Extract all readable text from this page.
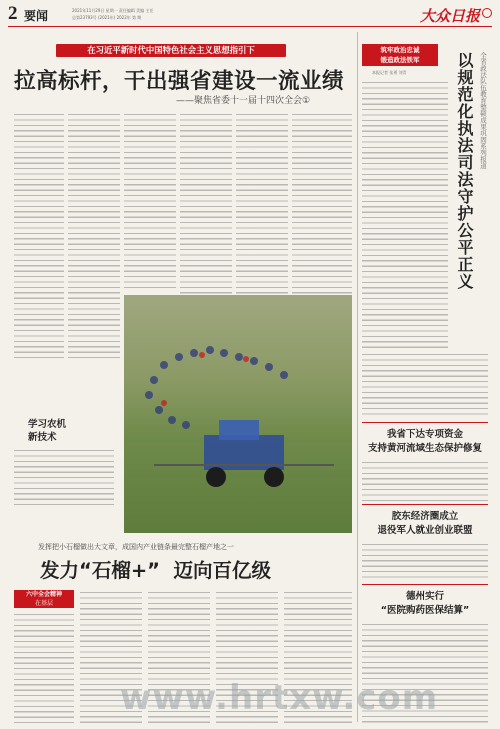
2 要闻	2021年11月29日 星期一 责任编辑 美编 主任
总第23793号 (2021年) 2022年 第 期	大众日报
在习近平新时代中国特色社会主义思想指引下
拉高标杆，干出强省建设一流业绩
——聚焦省委十一届十四次全会①
学习农机
新技术
发挥把小石榴做出大文章，成国内产业链条最完整石榴产地之一
发力“石榴+”  迈向百亿级
六中全会精神
在基层
筑牢政治忠诚
锻造政法铁军
本报记者 张勇 刘青	以规范化执法司法守护公平正义 全省政法队伍教育整顿成果巩固系列报道
我省下达专项资金
支持黄河流域生态保护修复
胶东经济圈成立
退役军人就业创业联盟
德州实行
“医院购药医保结算”
www.hrtxw.com
